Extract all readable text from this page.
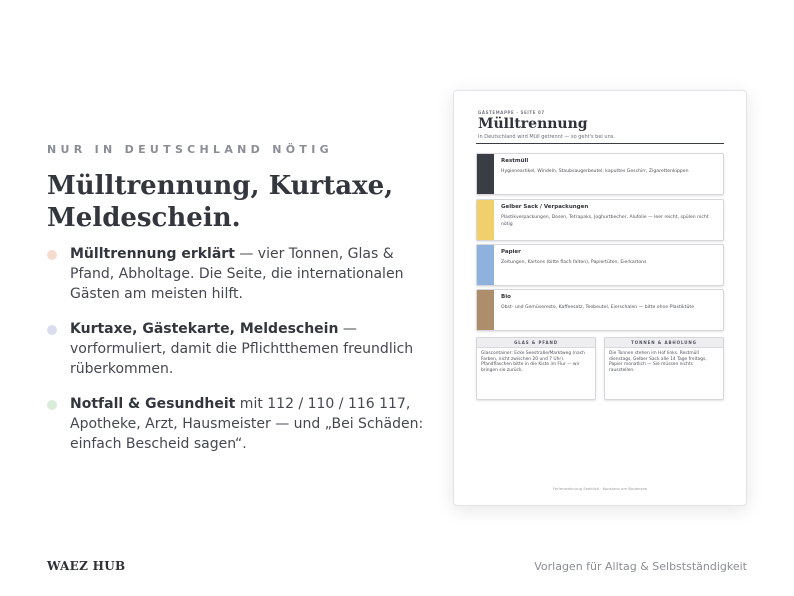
NUR IN DEUTSCHLAND NÖTIG
Mülltrennung, Kurtaxe, Meldeschein.
Mülltrennung erklärt — vier Tonnen, Glas & Pfand, Abholtage. Die Seite, die internationalen Gästen am meisten hilft.
Kurtaxe, Gästekarte, Meldeschein — vorformuliert, damit die Pflichtthemen freundlich rüberkommen.
Notfall & Gesundheit mit 112 / 110 / 116 117, Apotheke, Arzt, Hausmeister — und „Bei Schäden: einfach Bescheid sagen“.
WAEZ HUB	Vorlagen für Alltag & Selbstständigkeit
GÄSTEMAPPE · SEITE 07
Mülltrennung
In Deutschland wird Müll getrennt — so geht's bei uns.
Restmüll
Hygieneartikel, Windeln, Staubsaugerbeutel, kaputtes Geschirr, Zigarettenkippen
Gelber Sack / Verpackungen
Plastikverpackungen, Dosen, Tetrapaks, Joghurtbecher, Alufolie — leer reicht, spülen nicht nötig
Papier
Zeitungen, Kartons (bitte flach falten), Papiertüten, Eierkartons
Bio
Obst- und Gemüsereste, Kaffeesatz, Teebeutel, Eierschalen — bitte ohne Plastiktüte
GLAS & PFAND
Glascontainer: Ecke Seestraße/Marktweg (nach Farben, nicht zwischen 20 und 7 Uhr). Pfandflaschen bitte in die Kiste im Flur — wir bringen sie zurück.
TONNEN & ABHOLUNG
Die Tonnen stehen im Hof links. Restmüll dienstags, Gelber Sack alle 14 Tage freitags, Papier monatlich — Sie müssen nichts rausstellen.
Ferienwohnung Seeblick · Konstanz am Bodensee
